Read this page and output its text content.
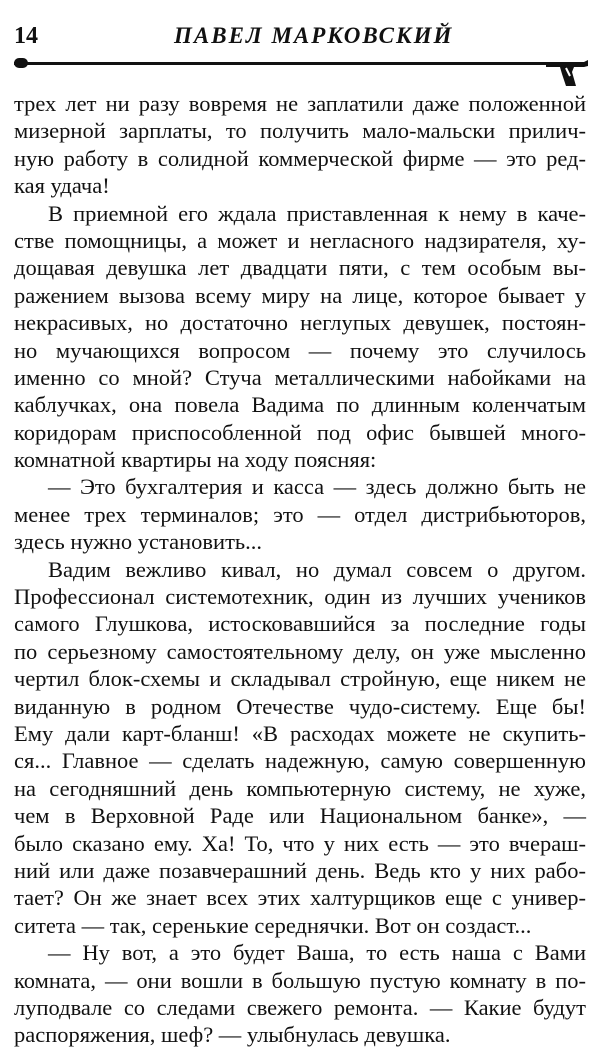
14	ПАВЕЛ МАРКОВСКИЙ
трех лет ни разу вовремя не заплатили даже положенной
мизерной зарплаты, то получить мало-мальски прилич-
ную работу в солидной коммерческой фирме — это ред-
кая удача!
В приемной его ждала приставленная к нему в каче-
стве помощницы, а может и негласного надзирателя, ху-
дощавая девушка лет двадцати пяти, с тем особым вы-
ражением вызова всему миру на лице, которое бывает у
некрасивых, но достаточно неглупых девушек, постоян-
но мучающихся вопросом — почему это случилось
именно со мной? Стуча металлическими набойками на
каблучках, она повела Вадима по длинным коленчатым
коридорам приспособленной под офис бывшей много-
комнатной квартиры на ходу поясняя:
— Это бухгалтерия и касса — здесь должно быть не
менее трех терминалов; это — отдел дистрибьюторов,
здесь нужно установить...
Вадим вежливо кивал, но думал совсем о другом.
Профессионал системотехник, один из лучших учеников
самого Глушкова, истосковавшийся за последние годы
по серьезному самостоятельному делу, он уже мысленно
чертил блок-схемы и складывал стройную, еще никем не
виданную в родном Отечестве чудо-систему. Еще бы!
Ему дали карт-бланш! «В расходах можете не скупить-
ся... Главное — сделать надежную, самую совершенную
на сегодняшний день компьютерную систему, не хуже,
чем в Верховной Раде или Национальном банке», —
было сказано ему. Ха! То, что у них есть — это вчераш-
ний или даже позавчерашний день. Ведь кто у них рабо-
тает? Он же знает всех этих халтурщиков еще с универ-
ситета — так, серенькие середнячки. Вот он создаст...
— Ну вот, а это будет Ваша, то есть наша с Вами
комната, — они вошли в большую пустую комнату в по-
луподвале со следами свежего ремонта. — Какие будут
распоряжения, шеф? — улыбнулась девушка.
